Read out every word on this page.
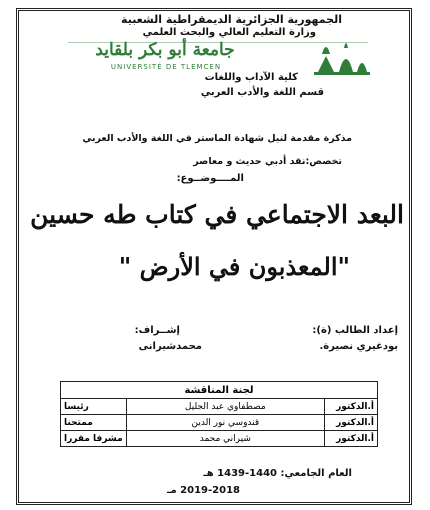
الجمهورية الجزائرية الديمقراطية الشعبية
وزارة التعليم العالي والبحث العلمي
جامعة أبو بكر بلقايد
UNIVERSITÉ DE TLEMCEN
كلية الآداب واللغات
قسم اللغة والأدب العربي
مذكرة مقدمة لنيل شهادة الماستر في اللغة والأدب العربي
تخصص:نقد أدبي حديث و معاصر
المــــوضــوع:
البعد الاجتماعي في كتاب طه حسين
"المعذبون في الأرض "
إعداد الطالب (ة):
بودغيري نصيرة.
إشــراف:
محمدشيرانى
لجنة المناقشة		
أ.الدكتور	مصطفاوي عبد الجليل	رئيسا
أ.الدكتور	قندوسي نور الدين	ممتحنا
أ.الدكتور	شيراني محمد	مشرفا مقررا
العام الجامعي: 1440-1439 هـ
2019-2018 مـ
